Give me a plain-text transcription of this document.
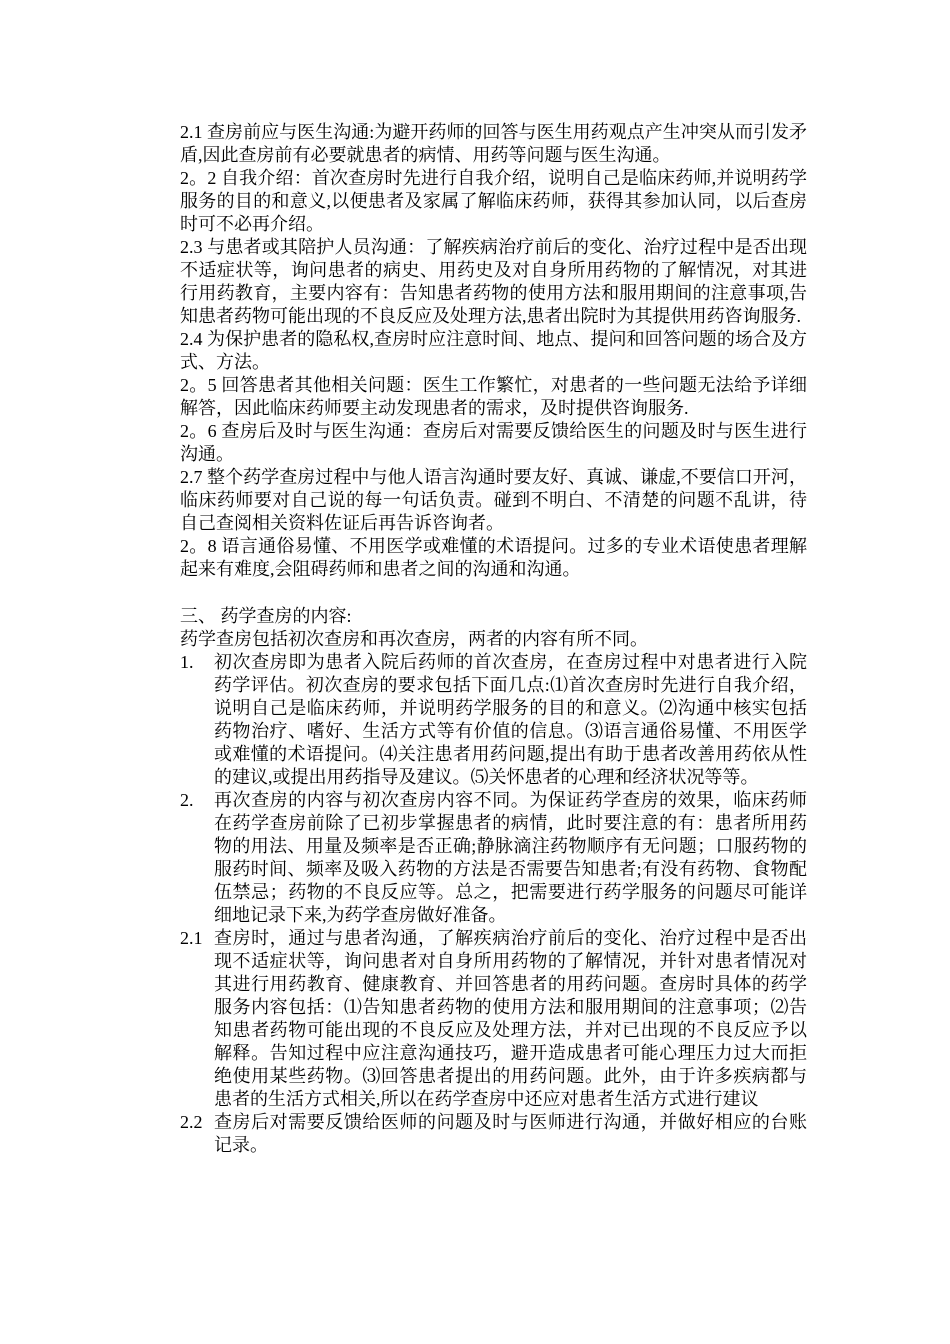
2.1 查房前应与医生沟通:为避开药师的回答与医生用药观点产生冲突从而引发矛盾,因此查房前有必要就患者的病情、用药等问题与医生沟通。

2。2 自我介绍：首次查房时先进行自我介绍，说明自己是临床药师,并说明药学服务的目的和意义,以便患者及家属了解临床药师，获得其参加认同，以后查房时可不必再介绍。

2.3 与患者或其陪护人员沟通：了解疾病治疗前后的变化、治疗过程中是否出现不适症状等，询问患者的病史、用药史及对自身所用药物的了解情况，对其进行用药教育，主要内容有：告知患者药物的使用方法和服用期间的注意事项,告知患者药物可能出现的不良反应及处理方法,患者出院时为其提供用药咨询服务.

2.4 为保护患者的隐私权,查房时应注意时间、地点、提问和回答问题的场合及方式、方法。

2。5 回答患者其他相关问题：医生工作繁忙，对患者的一些问题无法给予详细解答，因此临床药师要主动发现患者的需求，及时提供咨询服务.

2。6 查房后及时与医生沟通：查房后对需要反馈给医生的问题及时与医生进行沟通。

2.7 整个药学查房过程中与他人语言沟通时要友好、真诚、谦虚,不要信口开河，临床药师要对自己说的每一句话负责。碰到不明白、不清楚的问题不乱讲，待自己查阅相关资料佐证后再告诉咨询者。

2。8 语言通俗易懂、不用医学或难懂的术语提问。过多的专业术语使患者理解起来有难度,会阻碍药师和患者之间的沟通和沟通。

三、 药学查房的内容:

药学查房包括初次查房和再次查房，两者的内容有所不同。

1.	初次查房即为患者入院后药师的首次查房，在查房过程中对患者进行入院药学评估。初次查房的要求包括下面几点:⑴首次查房时先进行自我介绍，说明自己是临床药师，并说明药学服务的目的和意义。⑵沟通中核实包括药物治疗、嗜好、生活方式等有价值的信息。⑶语言通俗易懂、不用医学或难懂的术语提问。⑷关注患者用药问题,提出有助于患者改善用药依从性的建议,或提出用药指导及建议。⑸关怀患者的心理和经济状况等等。
2.	再次查房的内容与初次查房内容不同。为保证药学查房的效果，临床药师在药学查房前除了已初步掌握患者的病情，此时要注意的有：患者所用药物的用法、用量及频率是否正确;静脉滴注药物顺序有无问题；口服药物的服药时间、频率及吸入药物的方法是否需要告知患者;有没有药物、食物配伍禁忌；药物的不良反应等。总之，把需要进行药学服务的问题尽可能详细地记录下来,为药学查房做好准备。
2.1 查房时，通过与患者沟通，了解疾病治疗前后的变化、治疗过程中是否出现不适症状等，询问患者对自身所用药物的了解情况，并针对患者情况对其进行用药教育、健康教育、并回答患者的用药问题。查房时具体的药学服务内容包括：⑴告知患者药物的使用方法和服用期间的注意事项；⑵告知患者药物可能出现的不良反应及处理方法，并对已出现的不良反应予以解释。告知过程中应注意沟通技巧，避开造成患者可能心理压力过大而拒绝使用某些药物。⑶回答患者提出的用药问题。此外，由于许多疾病都与患者的生活方式相关,所以在药学查房中还应对患者生活方式进行建议
2.2 查房后对需要反馈给医师的问题及时与医师进行沟通，并做好相应的台账记录。
